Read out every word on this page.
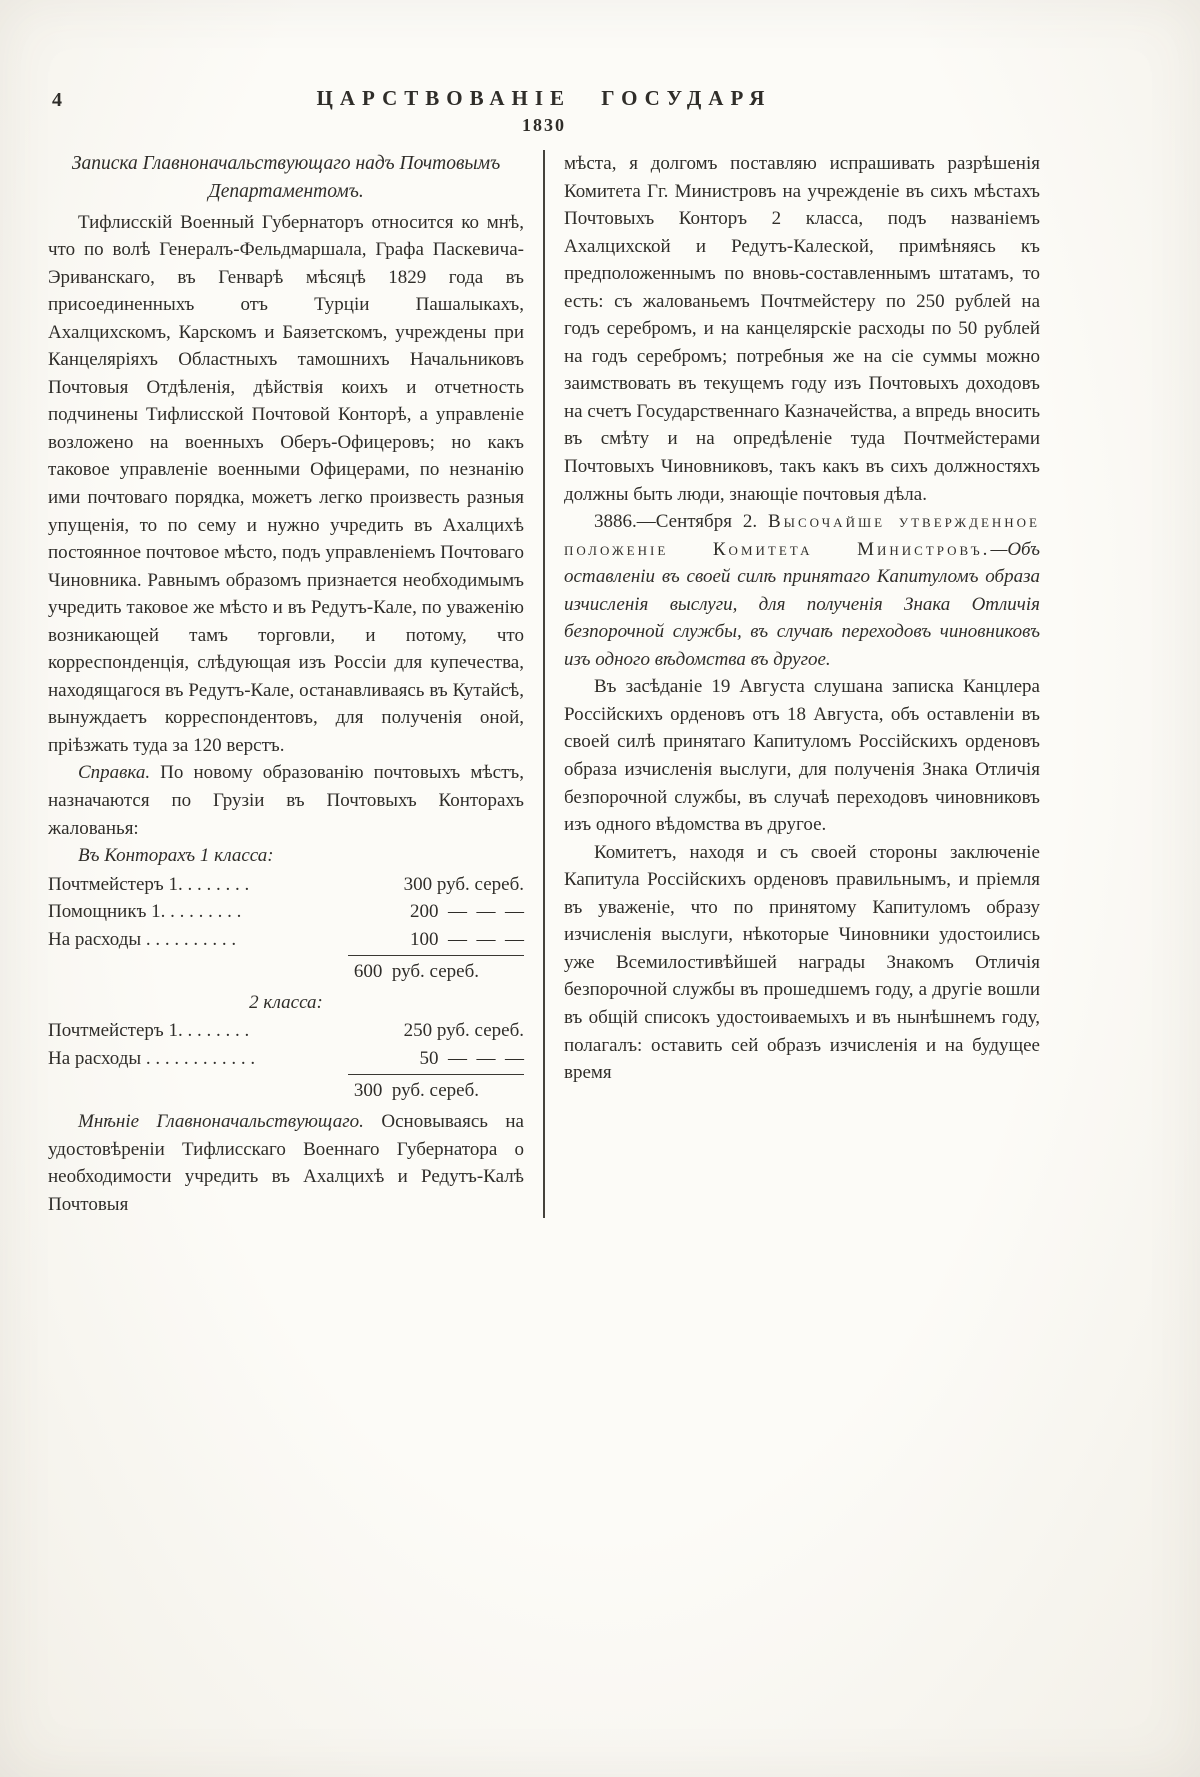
4	ЦАРСТВОВАНІЕ ГОСУДАРЯ
1830

Записка Главноначальствующаго надъ Почтовымъ Департаментомъ.

Тифлисскій Военный Губернаторъ относится ко мнѣ, что по волѣ Генералъ-Фельдмаршала, Графа Паскевича-Эриванскаго, въ Генварѣ мѣсяцѣ 1829 года въ присоединенныхъ отъ Турціи Пашалыкахъ, Ахалцихскомъ, Карскомъ и Баязетскомъ, учреждены при Канцеляріяхъ Областныхъ тамошнихъ Начальниковъ Почтовыя Отдѣленія, дѣйствія коихъ и отчетность подчинены Тифлисской Почтовой Конторѣ, а управленіе возложено на военныхъ Оберъ-Офицеровъ; но какъ таковое управленіе военными Офицерами, по незнанію ими почтоваго порядка, можетъ легко произвесть разныя упущенія, то по сему и нужно учредить въ Ахалцихѣ постоянное почтовое мѣсто, подъ управленіемъ Почтоваго Чиновника. Равнымъ образомъ признается необходимымъ учредить таковое же мѣсто и въ Редутъ-Кале, по уваженію возникающей тамъ торговли, и потому, что корреспонденція, слѣдующая изъ Россіи для купечества, находящагося въ Редутъ-Кале, останавливаясь въ Кутайсѣ, вынуждаетъ корреспондентовъ, для полученія оной, пріѣзжать туда за 120 верстъ.

Справка. По новому образованію почтовыхъ мѣстъ, назначаются по Грузіи въ Почтовыхъ Конторахъ жалованья:

Въ Конторахъ 1 класса:

Почтмейстеръ 1. . . . . . . .	300 руб. сереб.
Помощникъ 1. . . . . . . . .	200  —  —  —
На расходы . . . . . . . . . .	100  —  —  —
600  руб. сереб.

2 класса:

Почтмейстеръ 1. . . . . . . .	250 руб. сереб.
На расходы . . . . . . . . . . . .	50  —  —  —
300  руб. сереб.

Мнѣніе Главноначальствующаго. Основываясь на удостовѣреніи Тифлисскаго Военнаго Губернатора о необходимости учредить въ Ахалцихѣ и Редутъ-Калѣ Почтовыя

мѣста, я долгомъ поставляю испрашивать разрѣшенія Комитета Гг. Министровъ на учрежденіе въ сихъ мѣстахъ Почтовыхъ Конторъ 2 класса, подъ названіемъ Ахалцихской и Редутъ-Калеской, примѣняясь къ предположеннымъ по вновь-составленнымъ штатамъ, то есть: съ жалованьемъ Почтмейстеру по 250 рублей на годъ серебромъ, и на канцелярскіе расходы по 50 рублей на годъ серебромъ; потребныя же на сіе суммы можно заимствовать въ текущемъ году изъ Почтовыхъ доходовъ на счетъ Государственнаго Казначейства, а впредь вносить въ смѣту и на опредѣленіе туда Почтмейстерами Почтовыхъ Чиновниковъ, такъ какъ въ сихъ должностяхъ должны быть люди, знающіе почтовыя дѣла.

3886.—Сентября 2. Высочайше утвержденное положеніе Комитета Министровъ.—Объ оставленіи въ своей силѣ принятаго Капитуломъ образа изчисленія выслуги, для полученія Знака Отличія безпорочной службы, въ случаѣ переходовъ чиновниковъ изъ одного вѣдомства въ другое.

Въ засѣданіе 19 Августа слушана записка Канцлера Россійскихъ орденовъ отъ 18 Августа, объ оставленіи въ своей силѣ принятаго Капитуломъ Россійскихъ орденовъ образа изчисленія выслуги, для полученія Знака Отличія безпорочной службы, въ случаѣ переходовъ чиновниковъ изъ одного вѣдомства въ другое.

Комитетъ, находя и съ своей стороны заключеніе Капитула Россійскихъ орденовъ правильнымъ, и пріемля въ уваженіе, что по принятому Капитуломъ образу изчисленія выслуги, нѣкоторые Чиновники удостоились уже Всемилостивѣйшей награды Знакомъ Отличія безпорочной службы въ прошедшемъ году, а другіе вошли въ общій списокъ удостоиваемыхъ и въ нынѣшнемъ году, полагалъ: оставить сей образъ изчисленія и на будущее время
